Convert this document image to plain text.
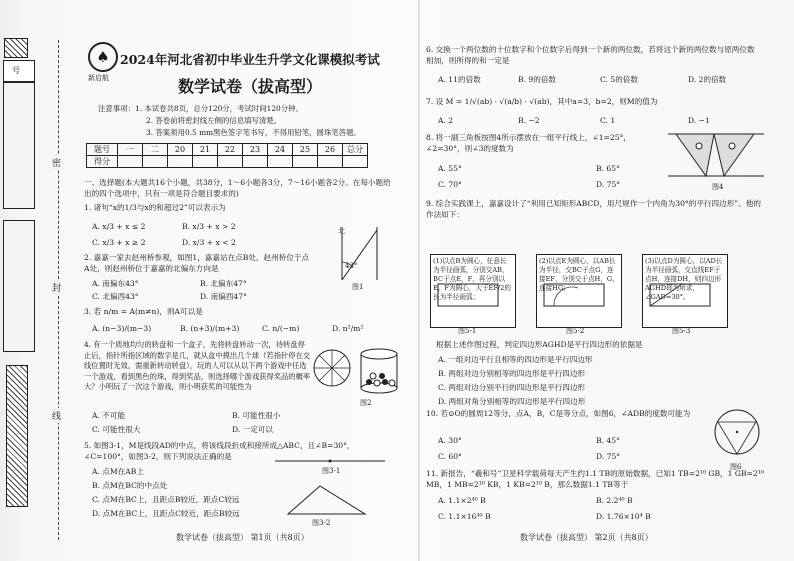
号
密
封
线
♠
新启航
2024年河北省初中毕业生升学文化课模拟考试
数学试卷（拔高型）
注意事项：1. 本试卷共8页，总分120分，考试时间120分钟。
2. 答卷前将密封线左侧的信息填写清楚。
3. 答案须用0.5 mm黑色签字笔书写，不得用铅笔，圆珠笔答题。
题号	一	二	20	21	22	23	24	25	26	总分
得分										
一、选择题(本大题共16个小题，共38分，1～6小题各3分，7～16小题各2分。在每小题给出的四个选项中，只有一项是符合题目要求的)
1. 诸句“x的1/3与x的和超过2”可以表示为
A. x/3 + x ≤ 2	B. x/3 + x > 2
C. x/3 + x ≥ 2	D. x/3 + x < 2
2. 嘉嘉一家去赵州桥参观，如图1，嘉嘉站在点B处，赵州桥位于点A处，则赵州桥位于嘉嘉的北偏东方向是
A. 南偏东43°	B. 北偏东47°
C. 北偏西43°	D. 南偏西47°
北
43°
图1
3. 若 n/m = A(m≠n)，则A可以是
A. (n−3)/(m−3)	B. (n+3)/(m+3)	C. n/(−m)	D. n²/m²
4. 有一个质地均匀的转盘和一个盒子，先将转盘转动一次，待转盘停止后，指针所指区域的数字是几，就从盒中摸出几个球（若指针停在交线位置时无效，需重新转动转盘），玩的人可以从以下两个游戏中任选一个游戏，看到黑色的珠，得到奖品，则选择哪个游戏获得奖品的概率大？小明玩了一次这个游戏，则小明获奖的可能性为
A. 不可能	B. 可能性很小
C. 可能性很大	D. 一定可以
图2
5. 如图3-1，M是线段AD的中点，将该线段折成和接所成△ABC，且∠B=30°，∠C=100°，如图3-2，则下列说法正确的是
A. 点M在AB上
B. 点M在BC的中点处
C. 点M在BC上，且距点B较近，距点C较远
D. 点M在BC上，且距点C较近，距点B较远
图3-1
图3-2
数学试卷（拔高型） 第1页（共8页）
6. 交换一个两位数的十位数字和个位数字后得到一个新的两位数，若将这个新的两位数与原两位数相加，则所得的和一定是
A. 11的倍数	B. 9的倍数	C. 5的倍数	D. 2的倍数
7. 设 M = 1/√(ab) · √(a/b) · √(ab)，其中a=3，b=2，则M的值为
A. 2	B. −2	C. 1	D. −1
8. 将一副三角板按图4所示摆放在一组平行线上，∠1=25°，∠2=30°，则∠3的度数为
A. 55°	B. 65°
C. 70°	D. 75°	图4
9. 综合实践课上，嘉嘉设计了“利用已知矩形ABCD，用尺规作一个内角为30°的平行四边形”。他的作法如下：
(1)以点B为圆心，任意长为半径画弧，分别交AB，BC于点E，F，再分别以E，F为圆心，大于EF/2的长为半径画弧；
(2)以点E为圆心，以AB长为半径，交BC于点G，连接EF，分别交于点H，G，连接HG；
(3)以点D为圆心，以AD长为半径画弧，交直线EF于点H，连接DH，则四边形AGHD即为所求，∠GAD=30°。
图5-1	图5-2	图5-3
根据上述作图过程，判定四边形AGHD是平行四边形的依据是
A. 一组对边平行且相等的四边形是平行四边形
B. 两组对边分别相等的四边形是平行四边形
C. 两组对边分别平行的四边形是平行四边形
D. 两组对角分别相等的四边形是平行四边形
10. 若⊙O的圆周12等分，点A，B，C是等分点，如图6，∠ADB的度数可能为
A. 30°	B. 45°
C. 60°	D. 75°
图6
11. 新报告，“羲和号”卫星科学载荷每天产生约1.1 TB的原始数据，已知1 TB=2¹⁰ GB，1 GB=2¹⁰ MB，1 MB=2¹⁰ KB，1 KB=2¹⁰ B，那么数据1.1 TB等于
A. 1.1×2⁴⁰ B	B. 2.2⁴⁰ B
C. 1.1×16⁴⁰ B	D. 1.76×10⁴ B
数学试卷（拔高型） 第2页（共8页）
